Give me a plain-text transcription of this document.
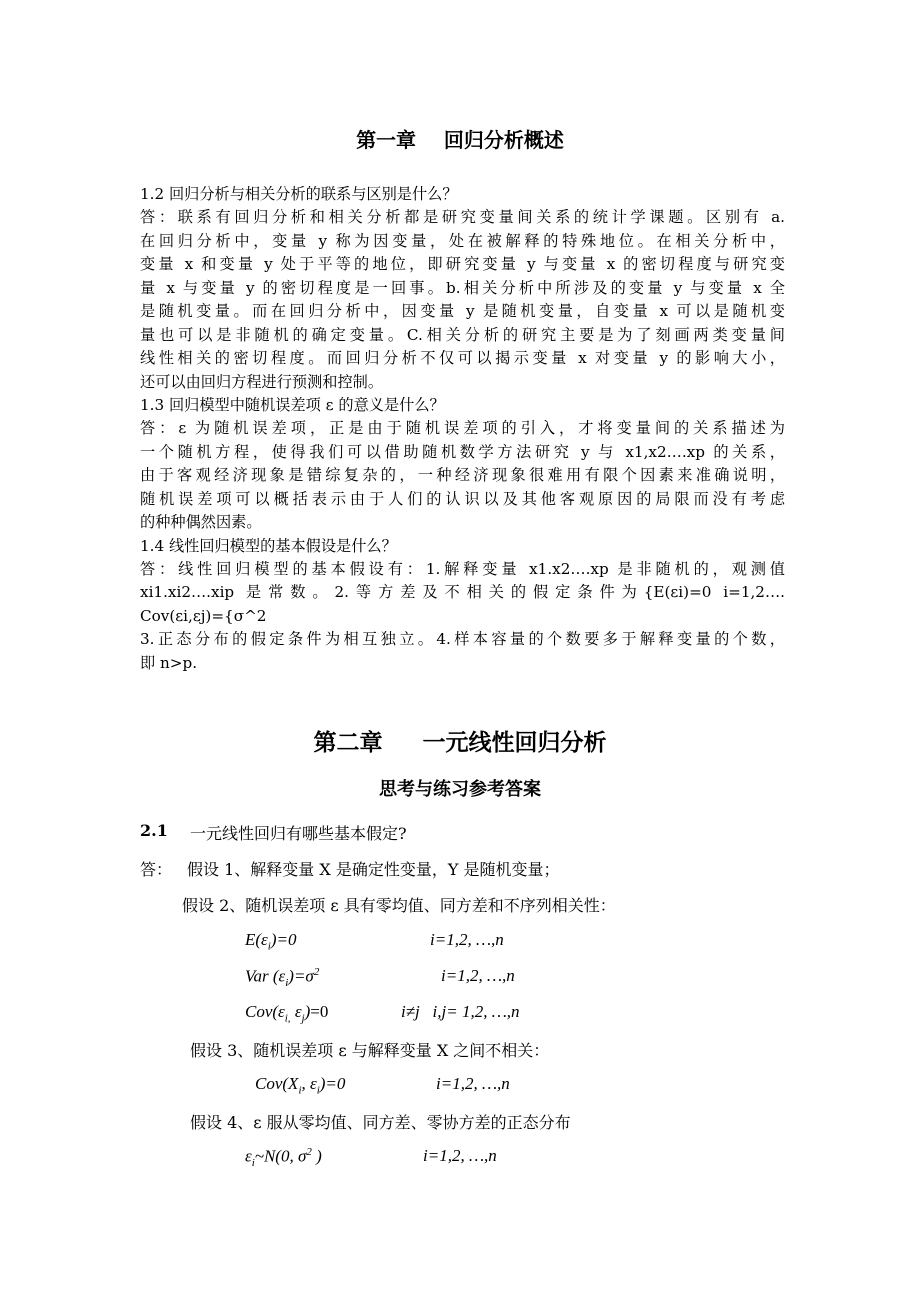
第一章    回归分析概述
1.2 回归分析与相关分析的联系与区别是什么？
答：联系有回归分析和相关分析都是研究变量间关系的统计学课题。区别有 a.
在回归分析中，变量 y 称为因变量，处在被解释的特殊地位。在相关分析中，
变量 x 和变量 y 处于平等的地位，即研究变量 y 与变量 x 的密切程度与研究变
量 x 与变量 y 的密切程度是一回事。b.相关分析中所涉及的变量 y 与变量 x 全
是随机变量。而在回归分析中，因变量 y 是随机变量，自变量 x 可以是随机变
量也可以是非随机的确定变量。C.相关分析的研究主要是为了刻画两类变量间
线性相关的密切程度。而回归分析不仅可以揭示变量 x 对变量 y 的影响大小，
还可以由回归方程进行预测和控制。
1.3 回归模型中随机误差项 ε 的意义是什么？
答：ε 为随机误差项，正是由于随机误差项的引入，才将变量间的关系描述为
一个随机方程，使得我们可以借助随机数学方法研究 y 与 x1,x2….xp 的关系，
由于客观经济现象是错综复杂的，一种经济现象很难用有限个因素来准确说明，
随机误差项可以概括表示由于人们的认识以及其他客观原因的局限而没有考虑
的种种偶然因素。
1.4 线性回归模型的基本假设是什么？
答：线性回归模型的基本假设有：1.解释变量 x1.x2….xp 是非随机的，观测值
xi1.xi2….xip 是常数。2.等方差及不相关的假定条件为{E(εi)=0 i=1,2….
Cov(εi,εj)={σ^2
3.正态分布的假定条件为相互独立。4.样本容量的个数要多于解释变量的个数，
即 n>p.
第二章     一元线性回归分析
思考与练习参考答案
2.1 一元线性回归有哪些基本假定?
答： 假设 1、解释变量 X 是确定性变量，Y 是随机变量；
假设 2、随机误差项 ε 具有零均值、同方差和不序列相关性：
$E(\varepsilon_i)=0$	i=1,2, …,n
Var $(\varepsilon_i)=\sigma^2$	i=1,2, …,n
$Cov(\varepsilon_{i,}$ $\varepsilon_j)=0$	i≠j   i,j= 1,2, …,n
假设 3、随机误差项 ε 与解释变量 X 之间不相关：
$Cov(X_i$, $\varepsilon_i)=0$	i=1,2, …,n
假设 4、ε 服从零均值、同方差、零协方差的正态分布
$\varepsilon_i\sim N(0$, $\sigma^2$ )	i=1,2, …,n
